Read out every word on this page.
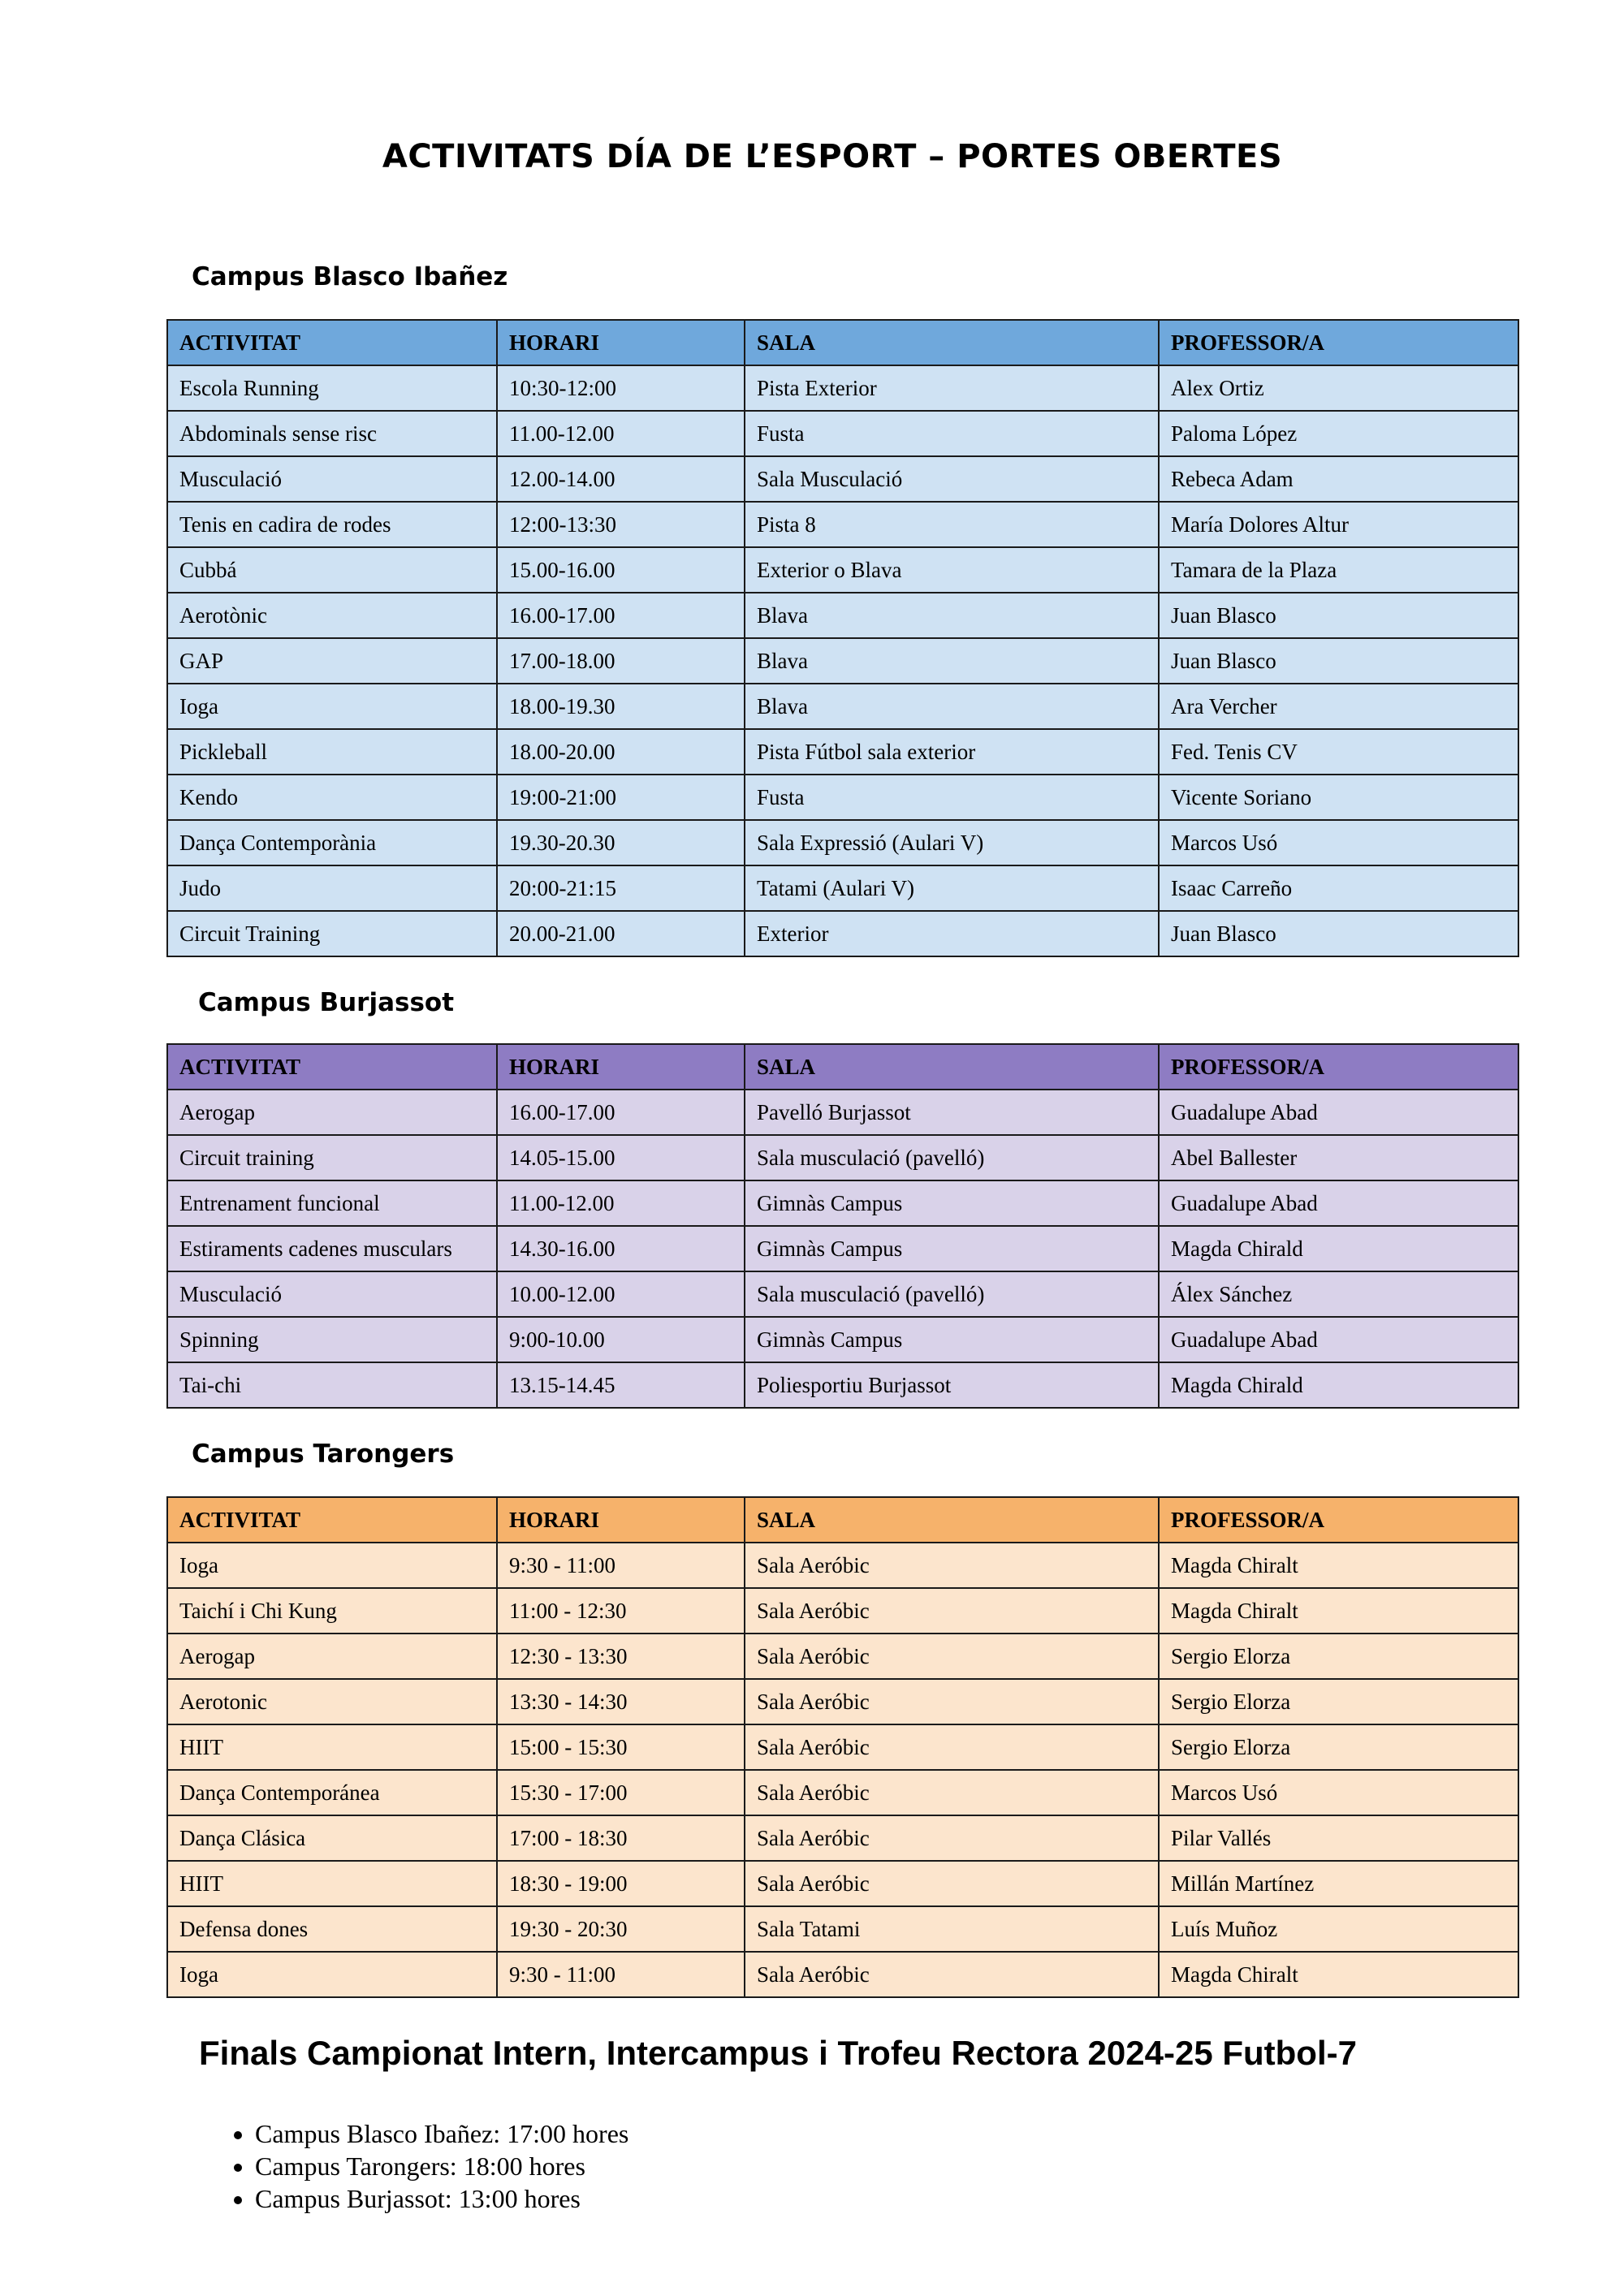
ACTIVITATS DÍA DE L’ESPORT – PORTES OBERTES
Campus Blasco Ibañez
ACTIVITAT	HORARI	SALA	PROFESSOR/A
Escola Running	10:30-12:00	Pista Exterior	Alex Ortiz
Abdominals sense risc	11.00-12.00	Fusta	Paloma López
Musculació	12.00-14.00	Sala Musculació	Rebeca Adam
Tenis en cadira de rodes	12:00-13:30	Pista 8	María Dolores Altur
Cubbá	15.00-16.00	Exterior o Blava	Tamara de la Plaza
Aerotònic	16.00-17.00	Blava	Juan Blasco
GAP	17.00-18.00	Blava	Juan Blasco
Ioga	18.00-19.30	Blava	Ara Vercher
Pickleball	18.00-20.00	Pista Fútbol sala exterior	Fed. Tenis CV
Kendo	19:00-21:00	Fusta	Vicente Soriano
Dança Contemporània	19.30-20.30	Sala Expressió (Aulari V)	Marcos Usó
Judo	20:00-21:15	Tatami (Aulari V)	Isaac Carreño
Circuit Training	20.00-21.00	Exterior	Juan Blasco
Campus Burjassot
ACTIVITAT	HORARI	SALA	PROFESSOR/A
Aerogap	16.00-17.00	Pavelló Burjassot	Guadalupe Abad
Circuit training	14.05-15.00	Sala musculació (pavelló)	Abel Ballester
Entrenament funcional	11.00-12.00	Gimnàs Campus	Guadalupe Abad
Estiraments cadenes musculars	14.30-16.00	Gimnàs Campus	Magda Chirald
Musculació	10.00-12.00	Sala musculació (pavelló)	Álex Sánchez
Spinning	9:00-10.00	Gimnàs Campus	Guadalupe Abad
Tai-chi	13.15-14.45	Poliesportiu Burjassot	Magda Chirald
Campus Tarongers
ACTIVITAT	HORARI	SALA	PROFESSOR/A
Ioga	9:30 - 11:00	Sala Aeróbic	Magda Chiralt
Taichí i Chi Kung	11:00 - 12:30	Sala Aeróbic	Magda Chiralt
Aerogap	12:30 - 13:30	Sala Aeróbic	Sergio Elorza
Aerotonic	13:30 - 14:30	Sala Aeróbic	Sergio Elorza
HIIT	15:00 - 15:30	Sala Aeróbic	Sergio Elorza
Dança Contemporánea	15:30 - 17:00	Sala Aeróbic	Marcos Usó
Dança Clásica	17:00 - 18:30	Sala Aeróbic	Pilar Vallés
HIIT	18:30 - 19:00	Sala Aeróbic	Millán Martínez
Defensa dones	19:30 - 20:30	Sala Tatami	Luís Muñoz
Ioga	9:30 - 11:00	Sala Aeróbic	Magda Chiralt
Finals Campionat Intern, Intercampus i Trofeu Rectora 2024-25 Futbol-7
• Campus Blasco Ibañez: 17:00 hores
• Campus Tarongers: 18:00 hores
• Campus Burjassot: 13:00 hores
